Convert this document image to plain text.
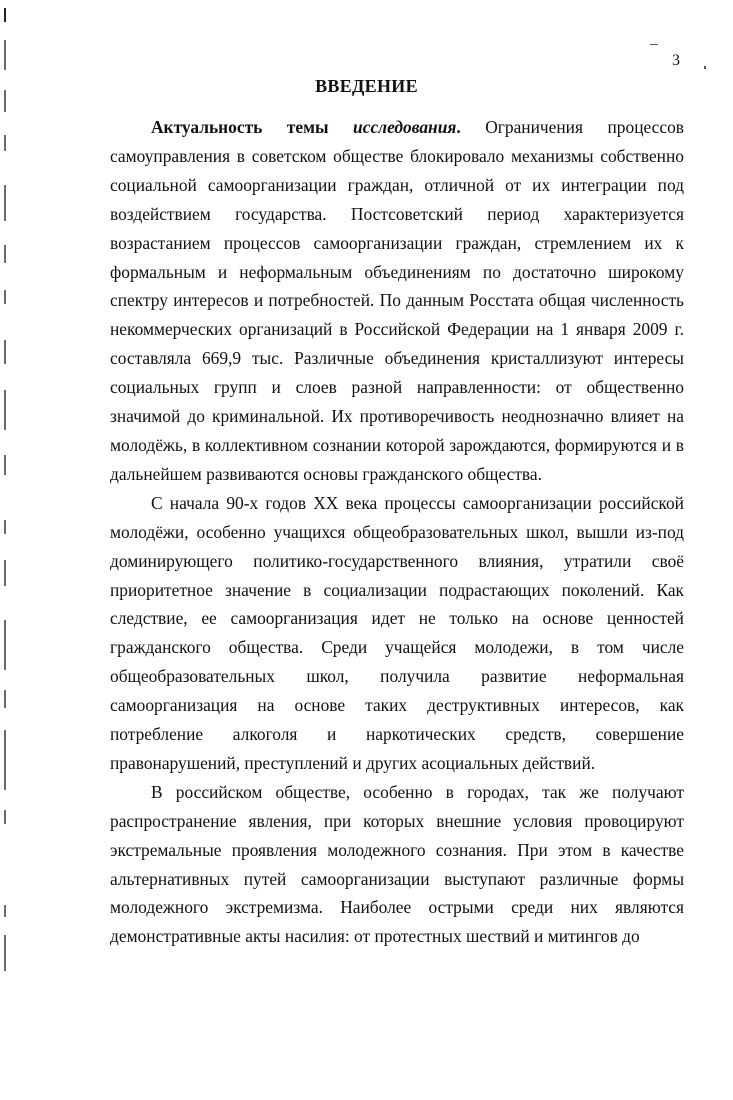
3
ВВЕДЕНИЕ

Актуальность темы исследования. Ограничения процессов самоуправления в советском обществе блокировало механизмы собственно социальной самоорганизации граждан, отличной от их интеграции под воздействием государства. Постсоветский период характеризуется возрастанием процессов самоорганизации граждан, стремлением их к формальным и неформальным объединениям по достаточно широкому спектру интересов и потребностей. По данным Росстата общая численность некоммерческих организаций в Российской Федерации на 1 января 2009 г. составляла 669,9 тыс. Различные объединения кристаллизуют интересы социальных групп и слоев разной направленности: от общественно значимой до криминальной. Их противоречивость неоднозначно влияет на молодёжь, в коллективном сознании которой зарождаются, формируются и в дальнейшем развиваются основы гражданского общества.

С начала 90-х годов XX века процессы самоорганизации российской молодёжи, особенно учащихся общеобразовательных школ, вышли из-под доминирующего политико-государственного влияния, утратили своё приоритетное значение в социализации подрастающих поколений. Как следствие, ее самоорганизация идет не только на основе ценностей гражданского общества. Среди учащейся молодежи, в том числе общеобразовательных школ, получила развитие неформальная самоорганизация на основе таких деструктивных интересов, как потребление алкоголя и наркотических средств, совершение правонарушений, преступлений и других асоциальных действий.

В российском обществе, особенно в городах, так же получают распространение явления, при которых внешние условия провоцируют экстремальные проявления молодежного сознания. При этом в качестве альтернативных путей самоорганизации выступают различные формы молодежного экстремизма. Наиболее острыми среди них являются демонстративные акты насилия: от протестных шествий и митингов до
